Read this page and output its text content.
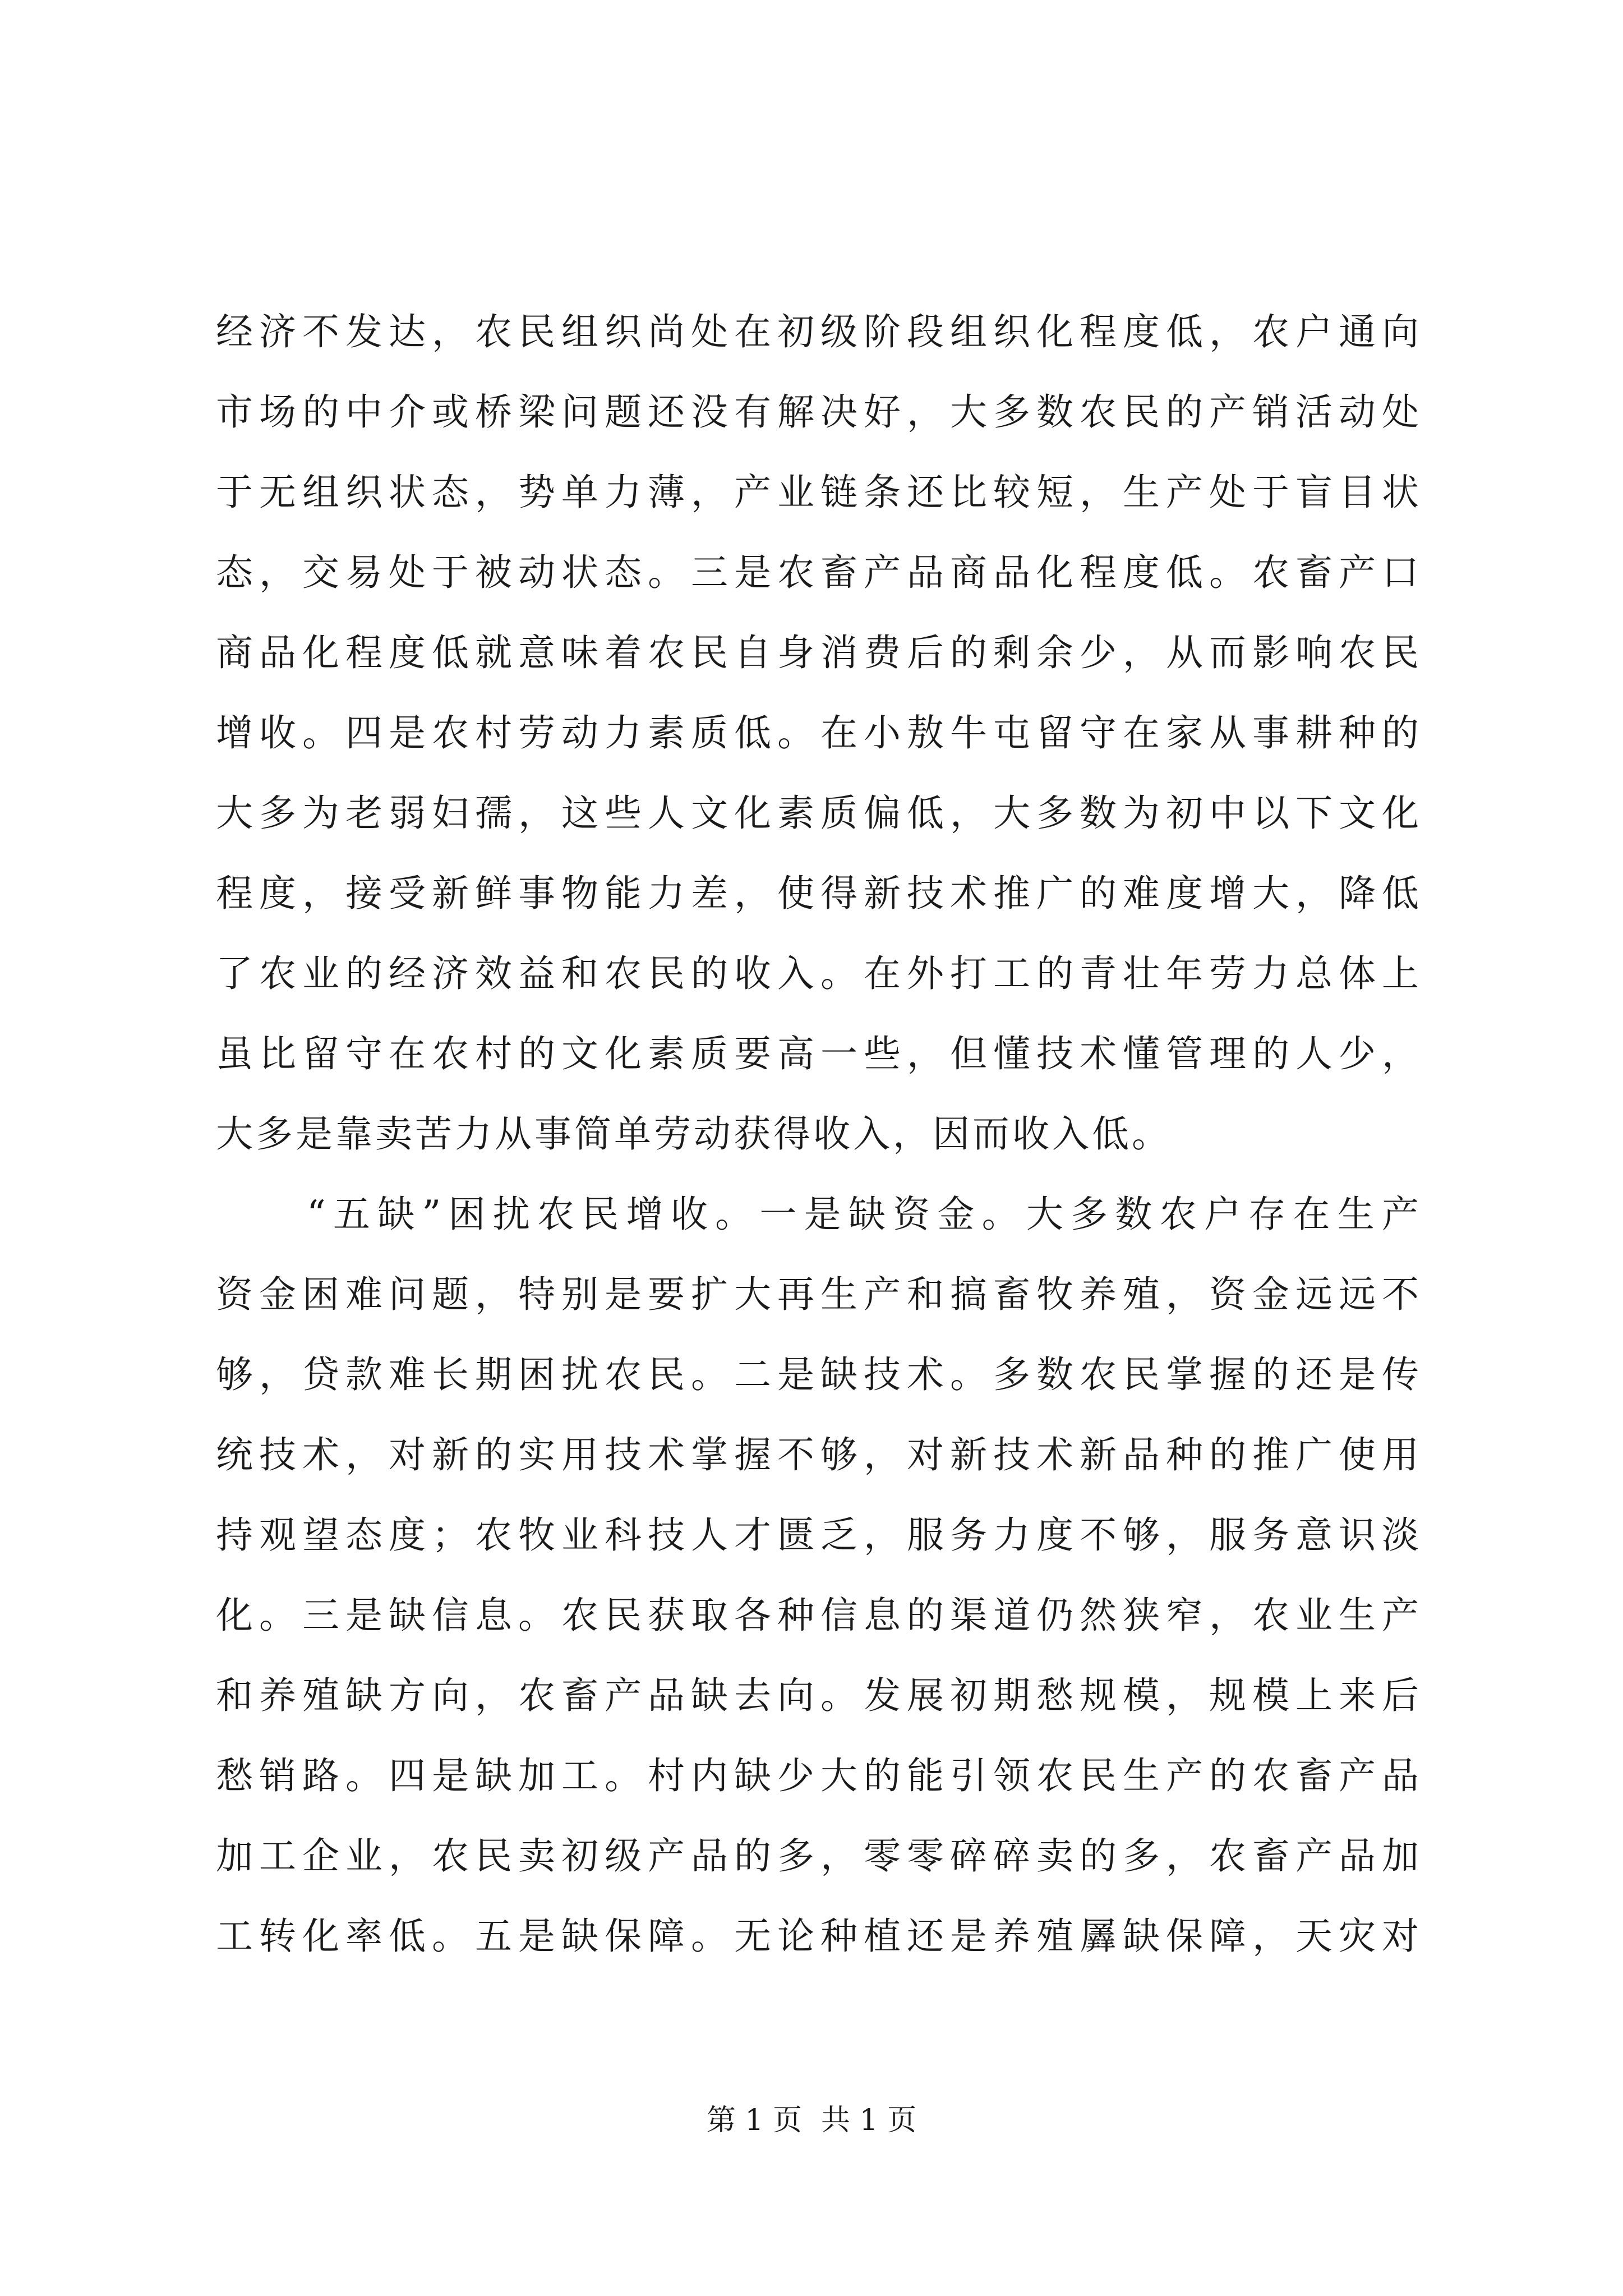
经济不发达，农民组织尚处在初级阶段组织化程度低，农户通向
市场的中介或桥梁问题还没有解决好，大多数农民的产销活动处
于无组织状态，势单力薄，产业链条还比较短，生产处于盲目状
态，交易处于被动状态。三是农畜产品商品化程度低。农畜产口
商品化程度低就意味着农民自身消费后的剩余少，从而影响农民
增收。四是农村劳动力素质低。在小敖牛屯留守在家从事耕种的
大多为老弱妇孺，这些人文化素质偏低，大多数为初中以下文化
程度，接受新鲜事物能力差，使得新技术推广的难度增大，降低
了农业的经济效益和农民的收入。在外打工的青壮年劳力总体上
虽比留守在农村的文化素质要高一些，但懂技术懂管理的人少，
大多是靠卖苦力从事简单劳动获得收入，因而收入低。
“五缺”困扰农民增收。一是缺资金。大多数农户存在生产
资金困难问题，特别是要扩大再生产和搞畜牧养殖，资金远远不
够，贷款难长期困扰农民。二是缺技术。多数农民掌握的还是传
统技术，对新的实用技术掌握不够，对新技术新品种的推广使用
持观望态度；农牧业科技人才匮乏，服务力度不够，服务意识淡
化。三是缺信息。农民获取各种信息的渠道仍然狭窄，农业生产
和养殖缺方向，农畜产品缺去向。发展初期愁规模，规模上来后
愁销路。四是缺加工。村内缺少大的能引领农民生产的农畜产品
加工企业，农民卖初级产品的多，零零碎碎卖的多，农畜产品加
工转化率低。五是缺保障。无论种植还是养殖羼缺保障，天灾对
第 1 页 共 1 页
